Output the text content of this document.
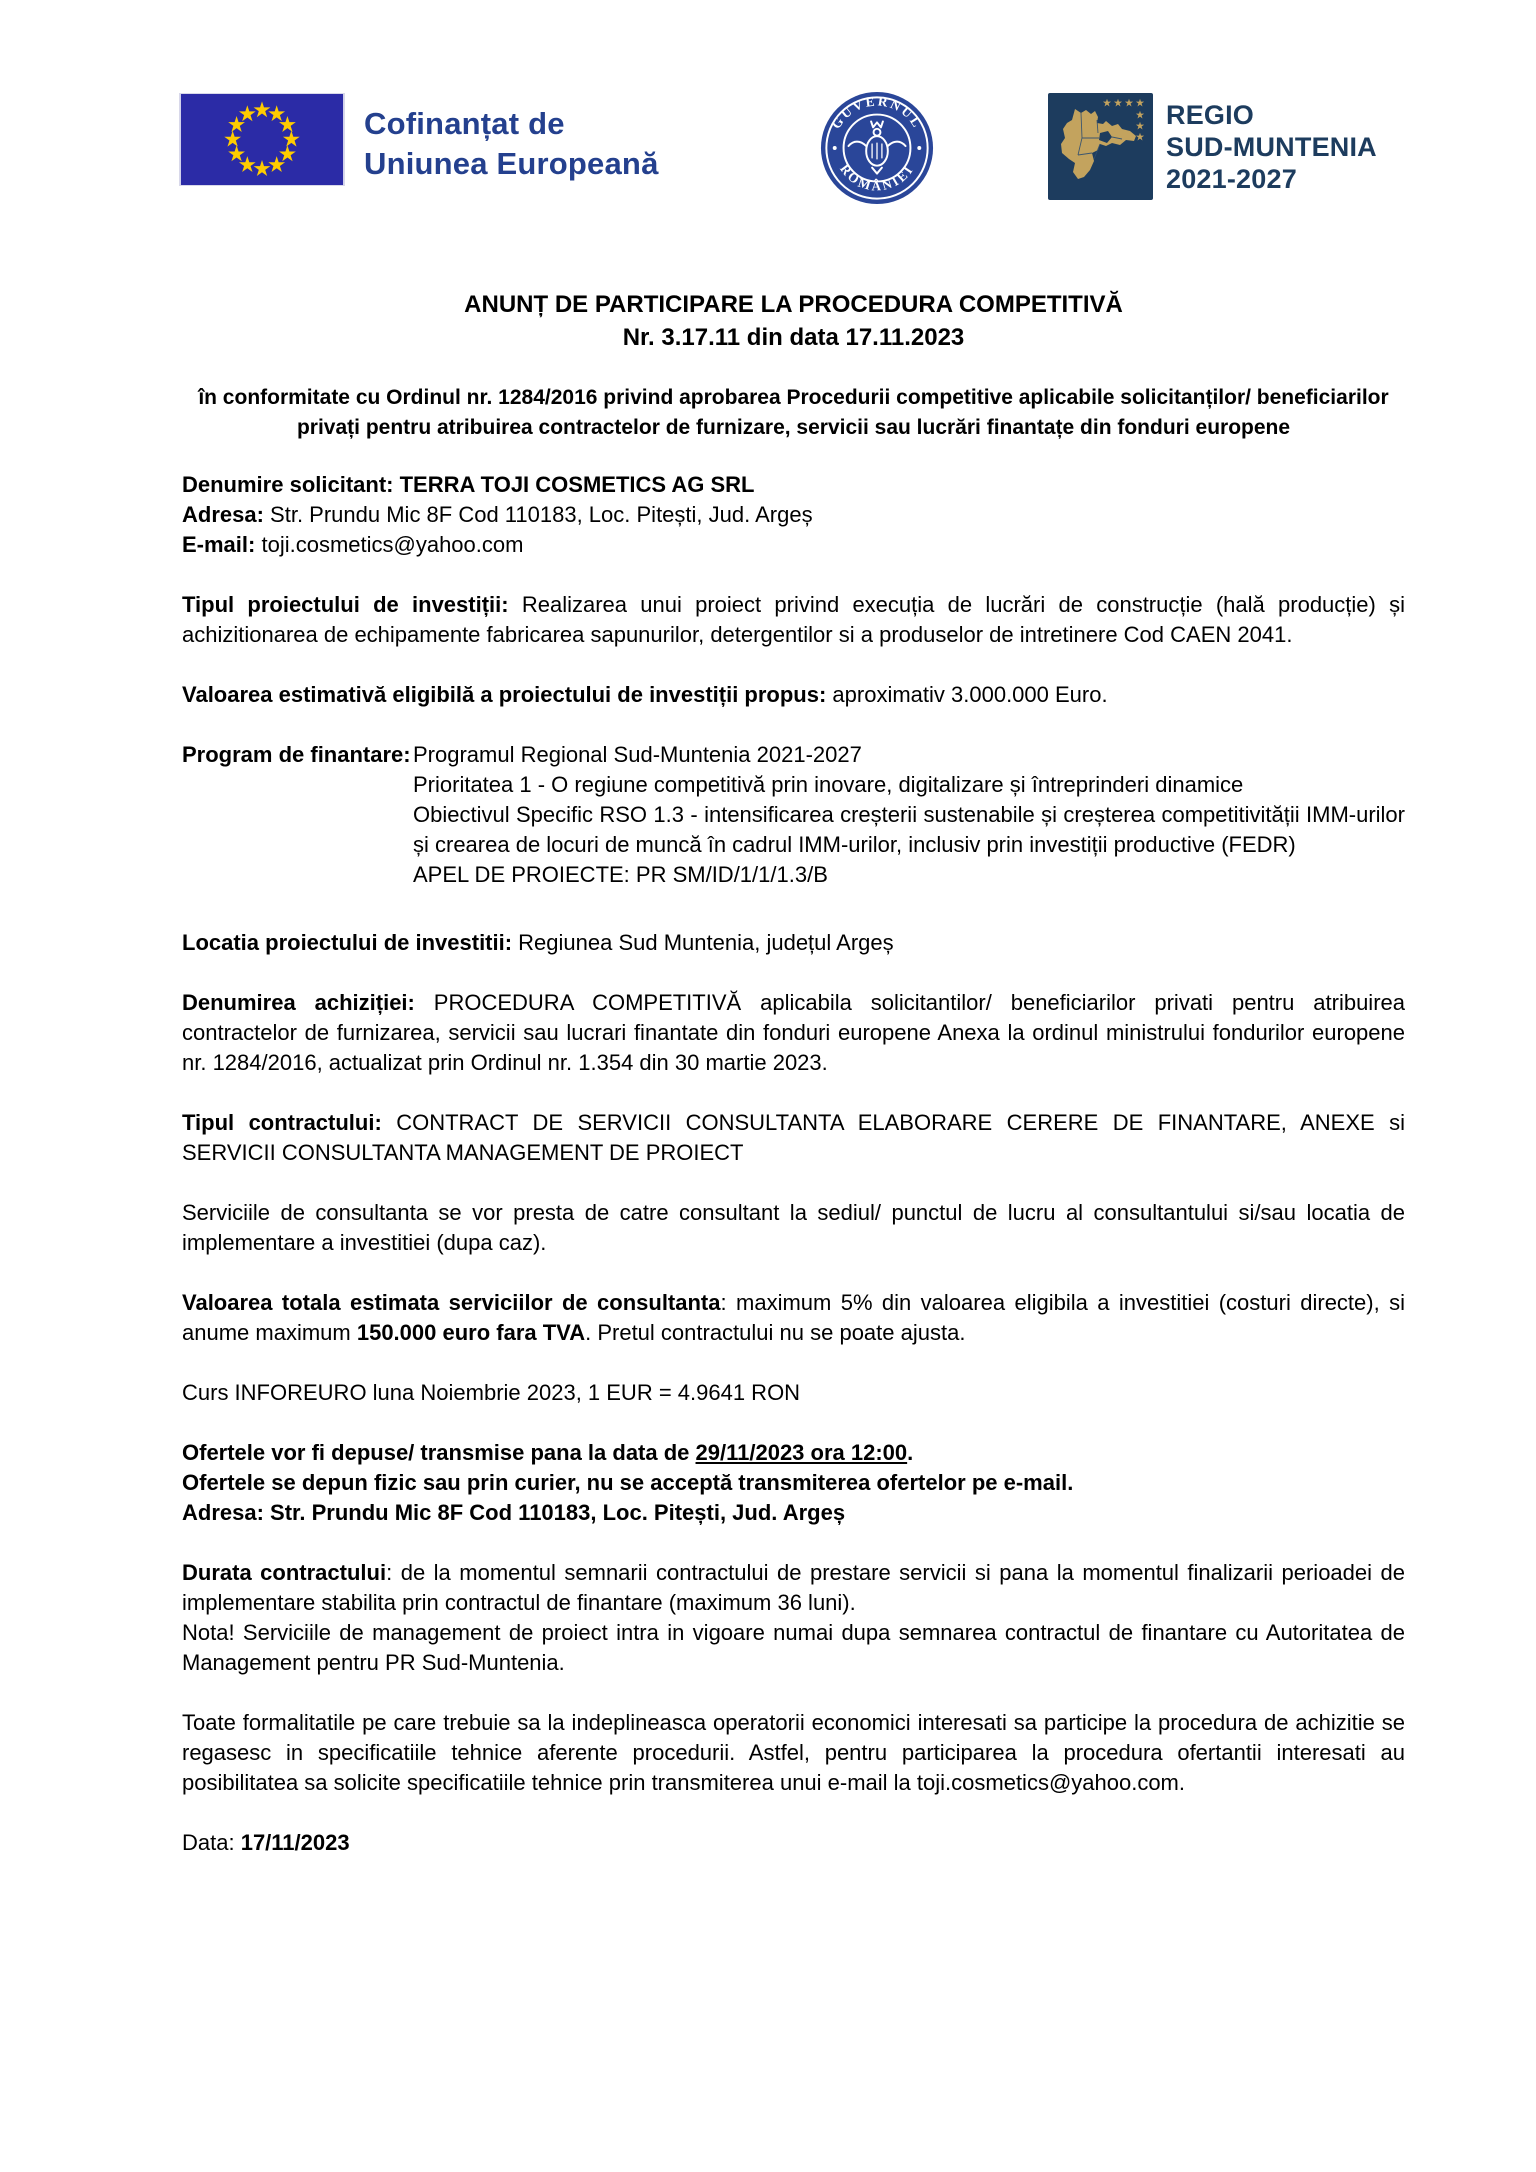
Cofinanțat de
Uniunea Europeană
GUVERNUL
ROMÂNIEI
REGIO
SUD-MUNTENIA
2021-2027
ANUNȚ DE PARTICIPARE LA PROCEDURA COMPETITIVĂ
Nr. 3.17.11 din data 17.11.2023

în conformitate cu Ordinul nr. 1284/2016 privind aprobarea Procedurii competitive aplicabile solicitanților/ beneficiarilor privați pentru atribuirea contractelor de furnizare, servicii sau lucrări finantațe din fonduri europene

Denumire solicitant: TERRA TOJI COSMETICS AG SRL
Adresa: Str. Prundu Mic 8F Cod 110183, Loc. Pitești, Jud. Argeș
E-mail: toji.cosmetics@yahoo.com

Tipul proiectului de investiții: Realizarea unui proiect privind execuția de lucrări de construcție (hală producție) și achizitionarea de echipamente fabricarea sapunurilor, detergentilor si a produselor de intretinere Cod CAEN 2041.

Valoarea estimativă eligibilă a proiectului de investiții propus: aproximativ 3.000.000 Euro.

Program de finantare: Programul Regional Sud-Muntenia 2021-2027
Prioritatea 1 - O regiune competitivă prin inovare, digitalizare și întreprinderi dinamice
Obiectivul Specific RSO 1.3 - intensificarea creșterii sustenabile și creșterea competitivității IMM-urilor și crearea de locuri de muncă în cadrul IMM-urilor, inclusiv prin investiții productive (FEDR)
APEL DE PROIECTE: PR SM/ID/1/1/1.3/B

Locatia proiectului de investitii: Regiunea Sud Muntenia, județul Argeș

Denumirea achiziției: PROCEDURA COMPETITIVĂ aplicabila solicitantilor/ beneficiarilor privati pentru atribuirea contractelor de furnizarea, servicii sau lucrari finantate din fonduri europene Anexa la ordinul ministrului fondurilor europene nr. 1284/2016, actualizat prin Ordinul nr. 1.354 din 30 martie 2023.

Tipul contractului: CONTRACT DE SERVICII CONSULTANTA ELABORARE CERERE DE FINANTARE, ANEXE si SERVICII CONSULTANTA MANAGEMENT DE PROIECT

Serviciile de consultanta se vor presta de catre consultant la sediul/ punctul de lucru al consultantului si/sau locatia de implementare a investitiei (dupa caz).

Valoarea totala estimata serviciilor de consultanta: maximum 5% din valoarea eligibila a investitiei (costuri directe), si anume maximum 150.000 euro fara TVA. Pretul contractului nu se poate ajusta.

Curs INFOREURO luna Noiembrie 2023, 1 EUR = 4.9641 RON

Ofertele vor fi depuse/ transmise pana la data de 29/11/2023 ora 12:00.
Ofertele se depun fizic sau prin curier, nu se acceptă transmiterea ofertelor pe e-mail.
Adresa: Str. Prundu Mic 8F Cod 110183, Loc. Pitești, Jud. Argeș
Durata contractului: de la momentul semnarii contractului de prestare servicii si pana la momentul finalizarii perioadei de implementare stabilita prin contractul de finantare (maximum 36 luni).
Nota! Serviciile de management de proiect intra in vigoare numai dupa semnarea contractul de finantare cu Autoritatea de Management pentru PR Sud-Muntenia.

Toate formalitatile pe care trebuie sa la indeplineasca operatorii economici interesati sa participe la procedura de achizitie se regasesc in specificatiile tehnice aferente procedurii. Astfel, pentru participarea la procedura ofertantii interesati au posibilitatea sa solicite specificatiile tehnice prin transmiterea unui e-mail la toji.cosmetics@yahoo.com.

Data: 17/11/2023
